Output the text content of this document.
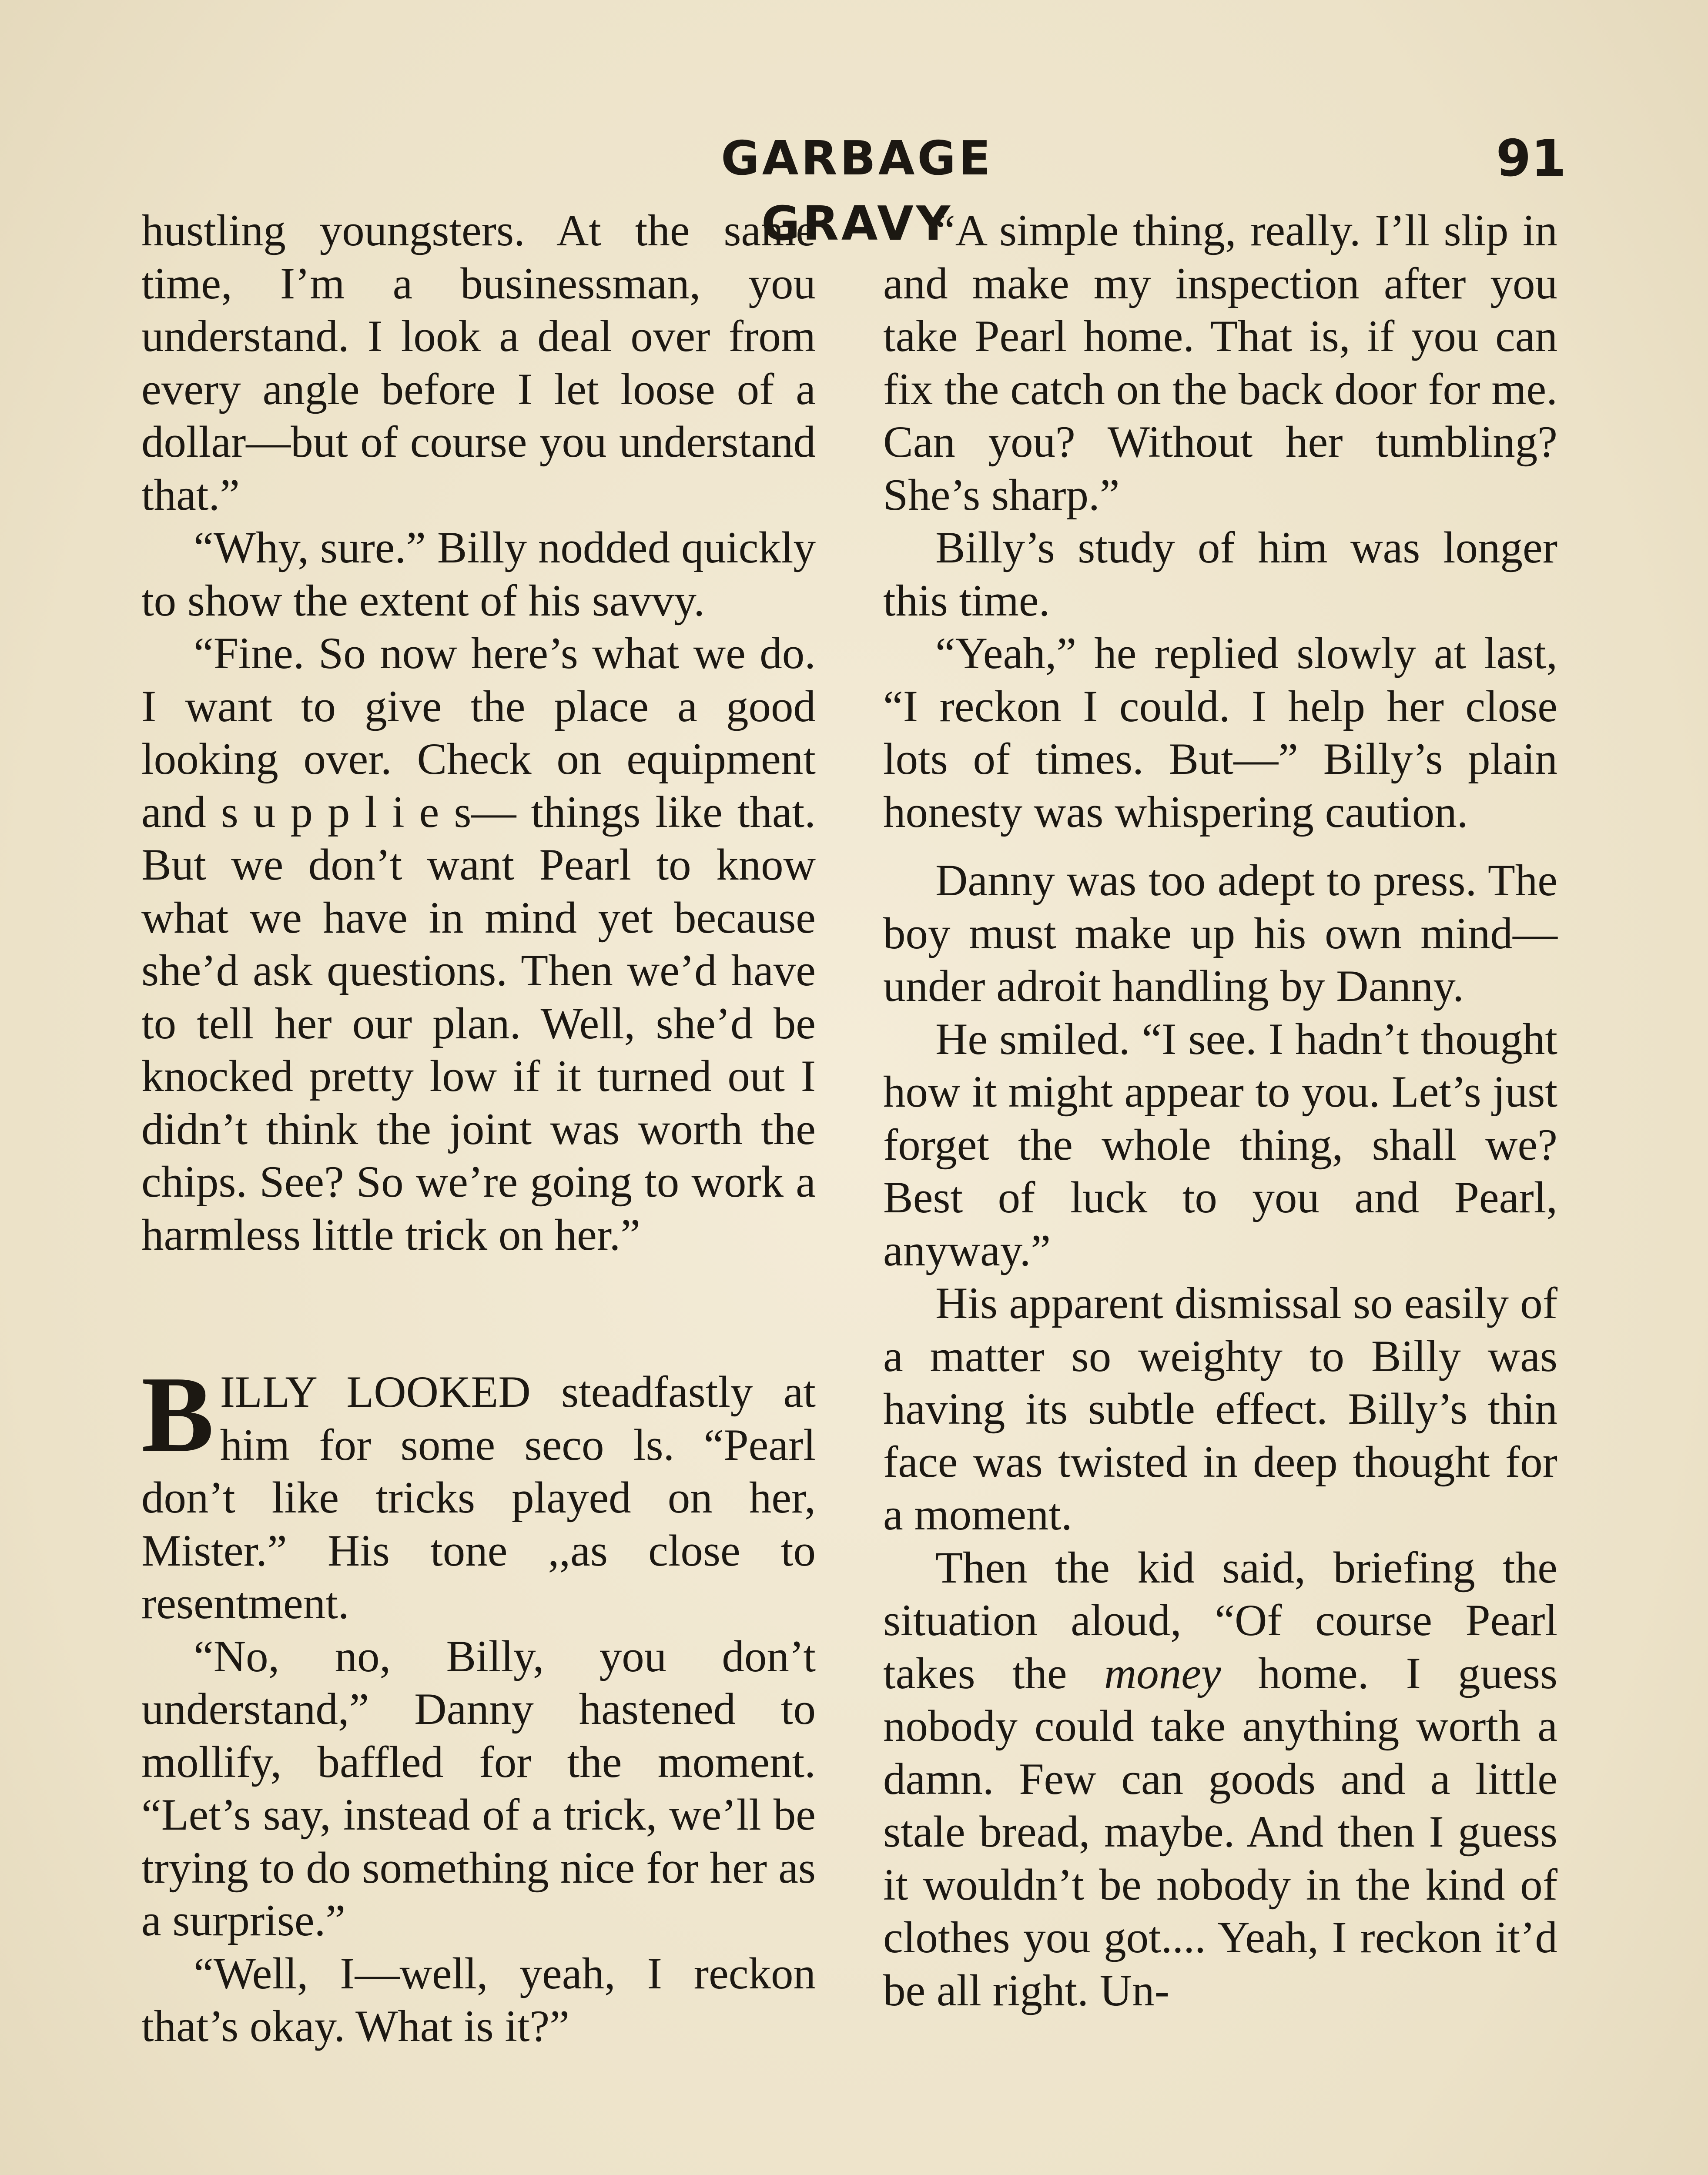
GARBAGE GRAVY
91

hustling youngsters. At the same time, I’m a businessman, you understand. I look a deal over from every angle before I let loose of a dollar—but of course you understand that.”

“Why, sure.” Billy nodded quickly to show the extent of his savvy.

“Fine. So now here’s what we do. I want to give the place a good looking over. Check on equipment and s u p p l i e s— things like that. But we don’t want Pearl to know what we have in mind yet because she’d ask questions. Then we’d have to tell her our plan. Well, she’d be knocked pretty low if it turned out I didn’t think the joint was worth the chips. See? So we’re going to work a harmless little trick on her.”

BILLY LOOKED steadfastly at him for some seco ls. “Pearl don’t like tricks played on her, Mister.” His tone ,,as close to resentment.

“No, no, Billy, you don’t understand,” Danny hastened to mollify, baffled for the moment. “Let’s say, instead of a trick, we’ll be trying to do something nice for her as a surprise.”

“Well, I—well, yeah, I reckon that’s okay. What is it?”

“A simple thing, really. I’ll slip in and make my inspection after you take Pearl home. That is, if you can fix the catch on the back door for me. Can you? Without her tumbling? She’s sharp.”

Billy’s study of him was longer this time.

“Yeah,” he replied slowly at last, “I reckon I could. I help her close lots of times. But—” Billy’s plain honesty was whispering caution.

Danny was too adept to press. The boy must make up his own mind—under adroit handling by Danny.

He smiled. “I see. I hadn’t thought how it might appear to you. Let’s just forget the whole thing, shall we? Best of luck to you and Pearl, anyway.”

His apparent dismissal so easily of a matter so weighty to Billy was having its subtle effect. Billy’s thin face was twisted in deep thought for a moment.

Then the kid said, briefing the situation aloud, “Of course Pearl takes the money home. I guess nobody could take anything worth a damn. Few can goods and a little stale bread, maybe. And then I guess it wouldn’t be nobody in the kind of clothes you got.... Yeah, I reckon it’d be all right. Un-
